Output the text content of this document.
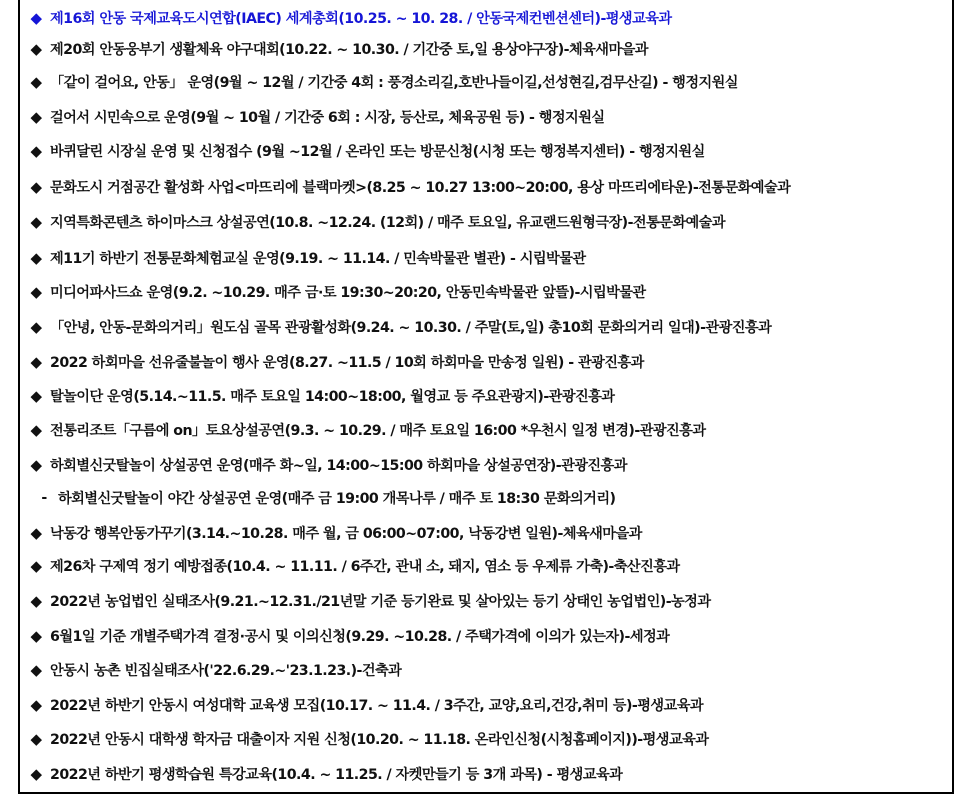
◆ 제16회 안동 국제교육도시연합(IAEC) 세계총회(10.25. ~ 10. 28. / 안동국제컨벤션센터)-평생교육과
◆ 제20회 안동웅부기 생활체육 야구대회(10.22. ~ 10.30. / 기간중 토,일 용상야구장)-체육새마을과
◆ 「같이 걸어요, 안동」 운영(9월 ~ 12월 / 기간중 4회 : 풍경소리길,호반나들이길,선성현길,검무산길) - 행정지원실
◆ 걸어서 시민속으로 운영(9월 ~ 10월 / 기간중 6회 : 시장, 등산로, 체육공원 등) - 행정지원실
◆ 바퀴달린 시장실 운영 및 신청접수 (9월 ~12월 / 온라인 또는 방문신청(시청 또는 행정복지센터) - 행정지원실
◆ 문화도시 거점공간 활성화 사업<마뜨리에 블랙마켓>(8.25 ~ 10.27 13:00~20:00, 용상 마뜨리에타운)-전통문화예술과
◆ 지역특화콘텐츠 하이마스크 상설공연(10.8. ~12.24. (12회) / 매주 토요일, 유교랜드원형극장)-전통문화예술과
◆ 제11기 하반기 전통문화체험교실 운영(9.19. ~ 11.14. / 민속박물관 별관) - 시립박물관
◆ 미디어파사드쇼 운영(9.2. ~10.29. 매주 금·토 19:30~20:20, 안동민속박물관 앞뜰)-시립박물관
◆ 「안녕, 안동-문화의거리」원도심 골목 관광활성화(9.24. ~ 10.30. / 주말(토,일) 총10회 문화의거리 일대)-관광진흥과
◆ 2022 하회마을 선유줄불놀이 행사 운영(8.27. ~11.5 / 10회 하회마을 만송정 일원) - 관광진흥과
◆ 탈놀이단 운영(5.14.~11.5. 매주 토요일 14:00~18:00, 월영교 등 주요관광지)-관광진흥과
◆ 전통리조트「구름에 on」토요상설공연(9.3. ~ 10.29. / 매주 토요일 16:00 *우천시 일정 변경)-관광진흥과
◆ 하회별신굿탈놀이 상설공연 운영(매주 화~일, 14:00~15:00 하회마을 상설공연장)-관광진흥과
- 하회별신굿탈놀이 야간 상설공연 운영(매주 금 19:00 개목나루 / 매주 토 18:30 문화의거리)
◆ 낙동강 행복안동가꾸기(3.14.~10.28. 매주 월, 금 06:00~07:00, 낙동강변 일원)-체육새마을과
◆ 제26차 구제역 정기 예방접종(10.4. ~ 11.11. / 6주간, 관내 소, 돼지, 염소 등 우제류 가축)-축산진흥과
◆ 2022년 농업법인 실태조사(9.21.~12.31./21년말 기준 등기완료 및 살아있는 등기 상태인 농업법인)-농정과
◆ 6월1일 기준 개별주택가격 결정·공시 및 이의신청(9.29. ~10.28. / 주택가격에 이의가 있는자)-세정과
◆ 안동시 농촌 빈집실태조사('22.6.29.~'23.1.23.)-건축과
◆ 2022년 하반기 안동시 여성대학 교육생 모집(10.17. ~ 11.4. / 3주간, 교양,요리,건강,취미 등)-평생교육과
◆ 2022년 안동시 대학생 학자금 대출이자 지원 신청(10.20. ~ 11.18. 온라인신청(시청홈페이지))-평생교육과
◆ 2022년 하반기 평생학습원 특강교육(10.4. ~ 11.25. / 자켓만들기 등 3개 과목) - 평생교육과
